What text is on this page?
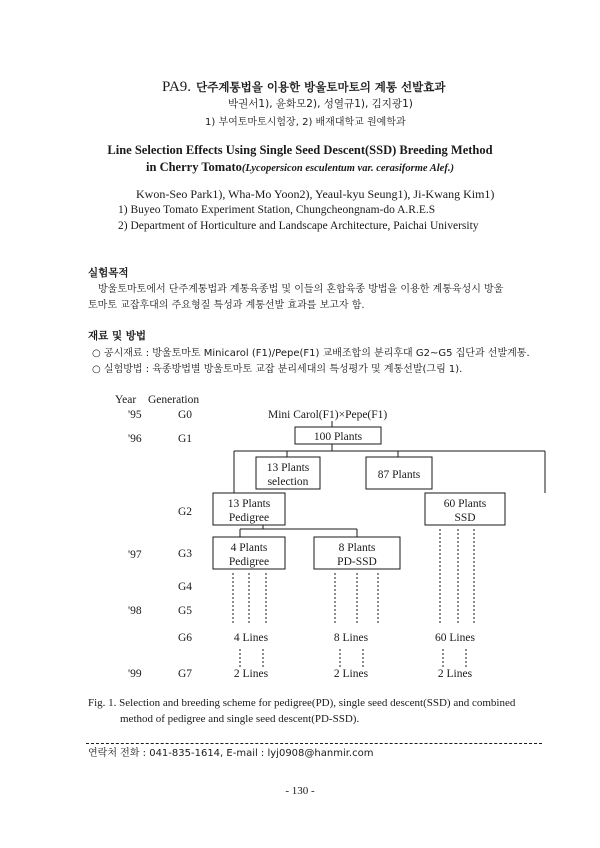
PA9. 단주계통법을 이용한 방울토마토의 계통 선발효과
박권서1), 윤화모2), 성열규1), 김지광1)
1) 부여토마토시험장, 2) 배재대학교 원예학과
Line Selection Effects Using Single Seed Descent(SSD) Breeding Method
in Cherry Tomato(Lycopersicon esculentum var. cerasiforme Alef.)
Kwon-Seo Park1), Wha-Mo Yoon2), Yeaul-kyu Seung1), Ji-Kwang Kim1)
1) Buyeo Tomato Experiment Station, Chungcheongnam-do A.R.E.S
2) Department of Horticulture and Landscape Architecture, Paichai University
실험목적
방울토마토에서 단주계통법과 계통육종법 및 이들의 혼합육종 방법을 이용한 계통육성시 방울
토마토 교잡후대의 주요형질 특성과 계통선발 효과를 보고자 함.
재료 및 방법
○ 공시재료 : 방울토마토 Minicarol (F1)/Pepe(F1) 교배조합의 분리후대 G2~G5 집단과 선발계통.
○ 실험방법 : 육종방법별 방울토마토 교잡 분리세대의 특성평가 및 계통선발(그림 1).
Year Generation
'95
'96
'97
'98
'99
G0
G1
G2
G3
G4
G5
G6
G7
Mini Carol(F1)×Pepe(F1)
100 Plants
13 Plants
selection
87 Plants
13 Plants
Pedigree
60 Plants
SSD
4 Plants
Pedigree
8 Plants
PD-SSD
4 Lines	8 Lines	60 Lines
2 Lines	2 Lines	2 Lines
Fig. 1. Selection and breeding scheme for pedigree(PD), single seed descent(SSD) and combined
method of pedigree and single seed descent(PD-SSD).
연락처 전화 : 041-835-1614, E-mail : lyj0908@hanmir.com
- 130 -
